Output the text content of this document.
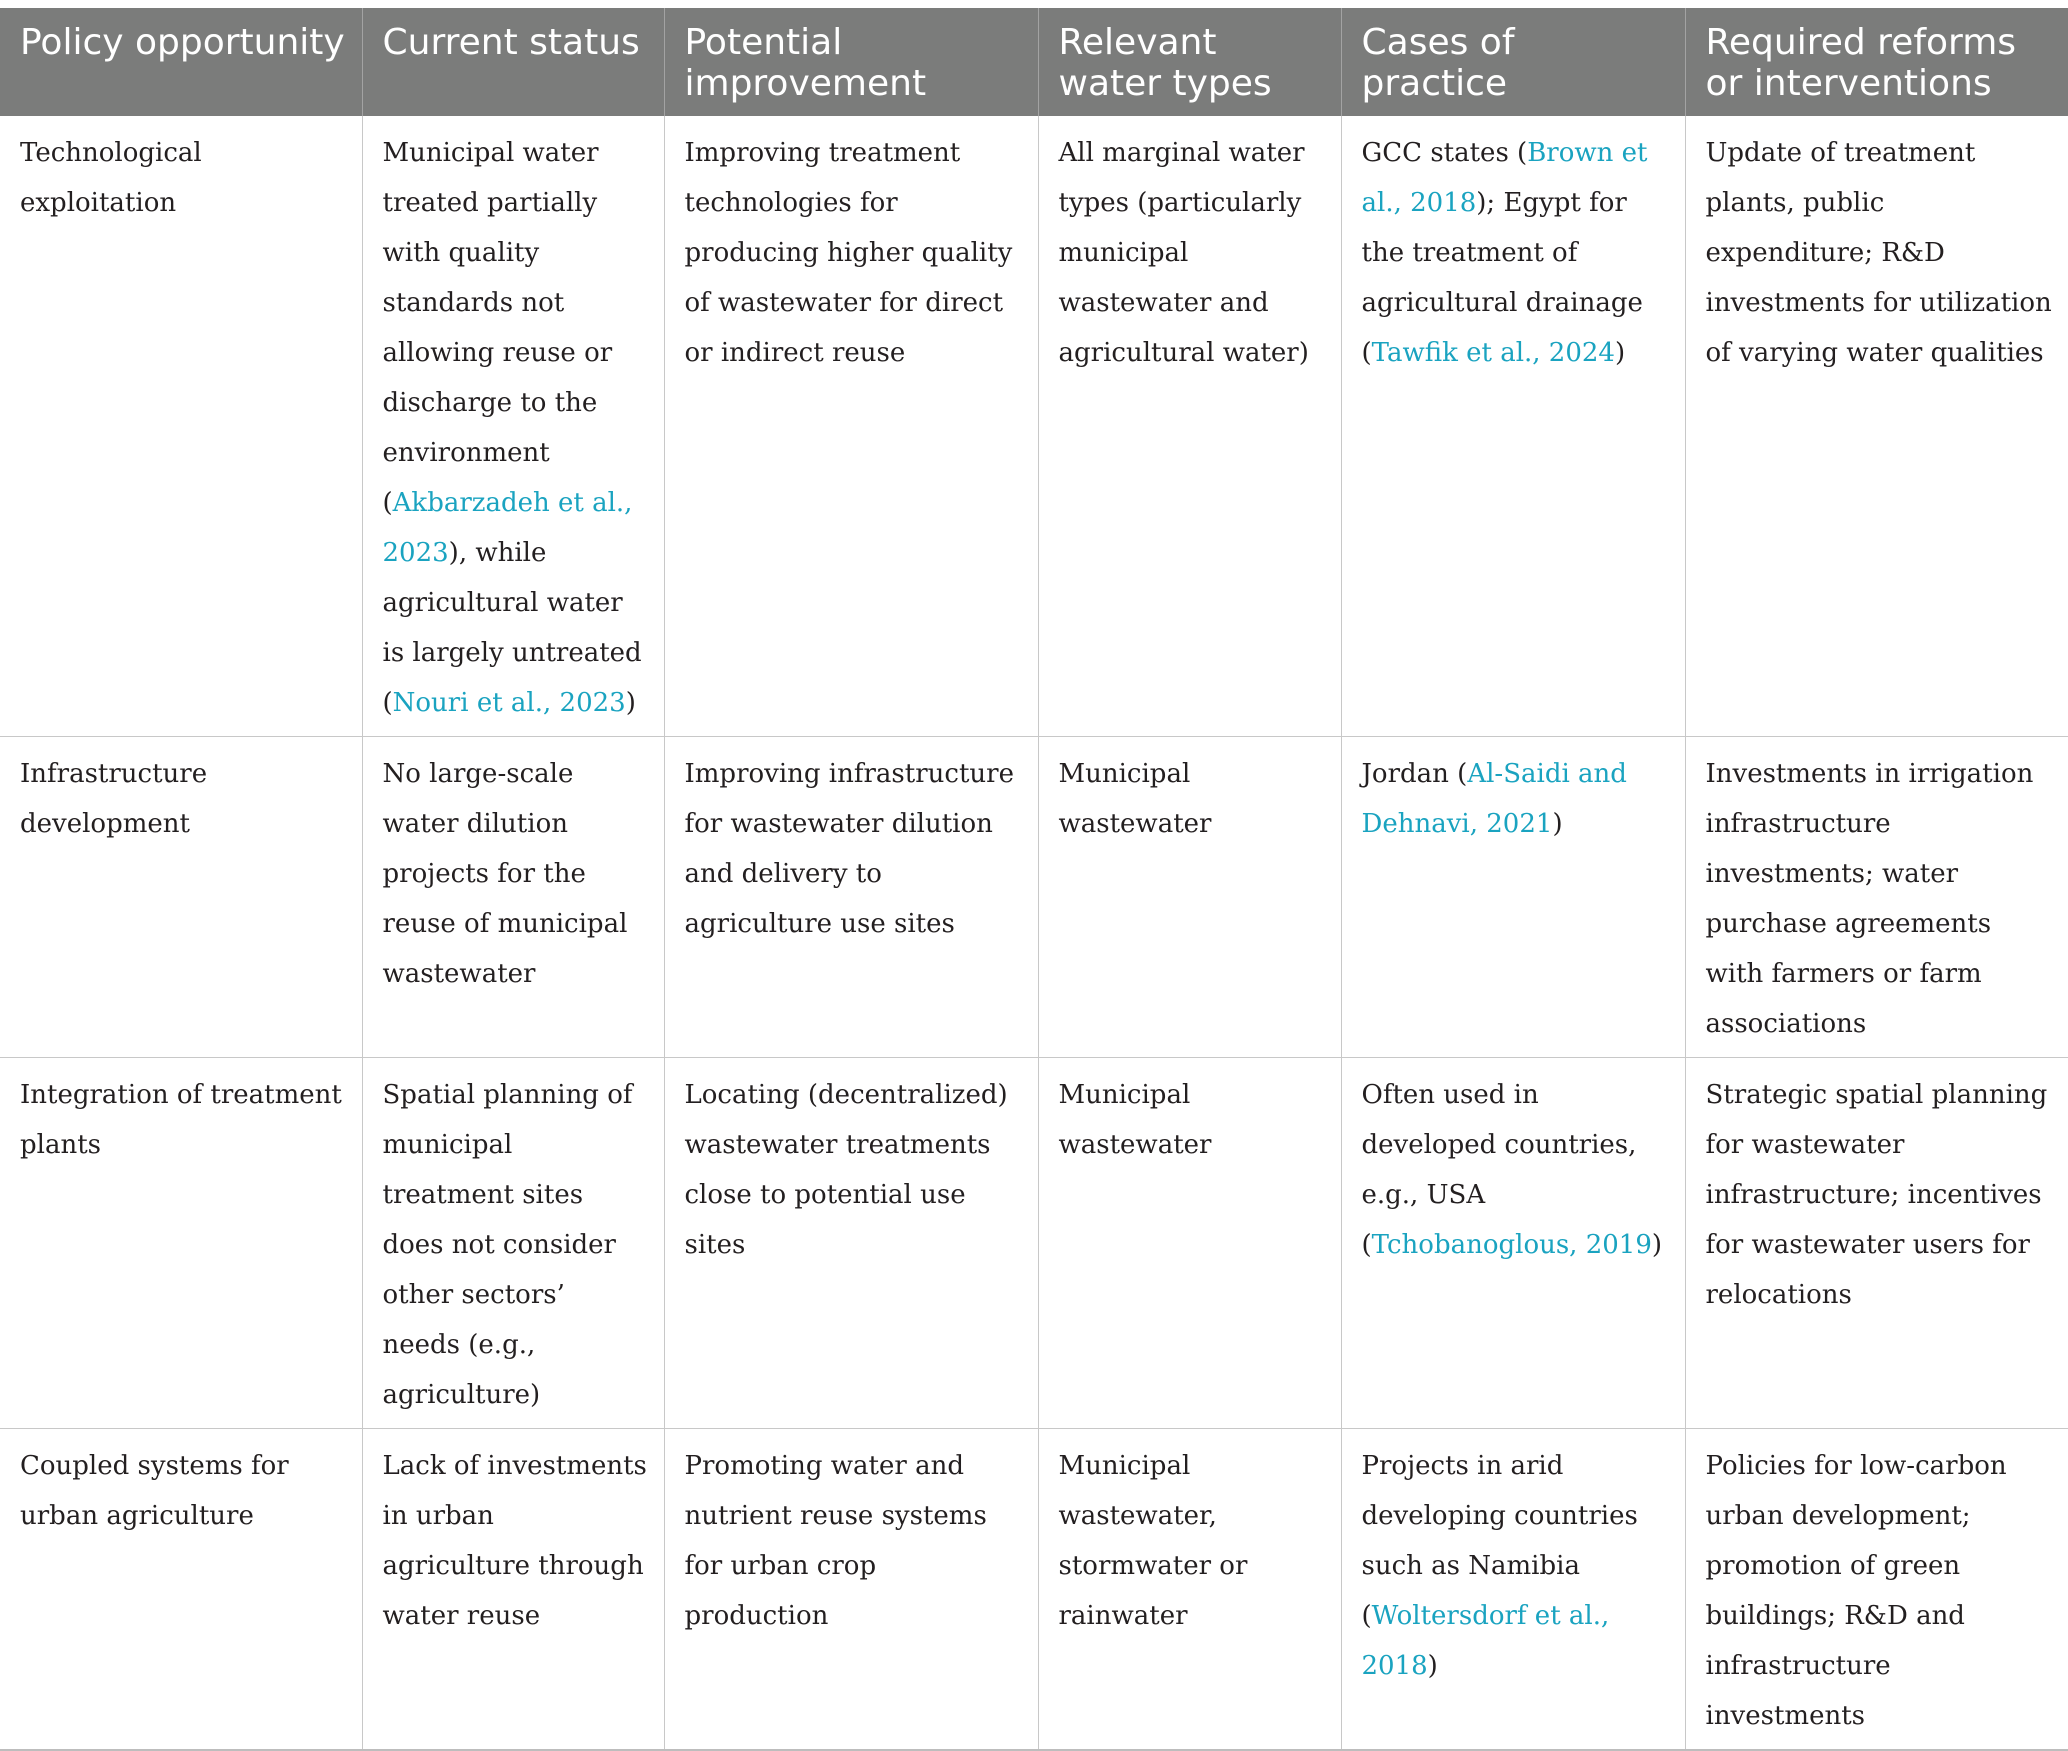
Policy opportunity	Current status	Potential improvement	Relevant water types	Cases of practice	Required reforms or interventions
Technological exploitation	Municipal water treated partially with quality standards not allowing reuse or discharge to the environment (Akbarzadeh et al., 2023), while agricultural water is largely untreated (Nouri et al., 2023)	Improving treatment technologies for producing higher quality of wastewater for direct or indirect reuse	All marginal water types (particularly municipal wastewater and agricultural water)	GCC states (Brown et al., 2018); Egypt for the treatment of agricultural drainage (Tawfik et al., 2024)	Update of treatment plants, public expenditure; R&D investments for utilization of varying water qualities
Infrastructure development	No large-scale water dilution projects for the reuse of municipal wastewater	Improving infrastructure for wastewater dilution and delivery to agriculture use sites	Municipal wastewater	Jordan (Al-Saidi and Dehnavi, 2021)	Investments in irrigation infrastructure investments; water purchase agreements with farmers or farm associations
Integration of treatment plants	Spatial planning of municipal treatment sites does not consider other sectors’ needs (e.g., agriculture)	Locating (decentralized) wastewater treatments close to potential use sites	Municipal wastewater	Often used in developed countries, e.g., USA (Tchobanoglous, 2019)	Strategic spatial planning for wastewater infrastructure; incentives for wastewater users for relocations
Coupled systems for urban agriculture	Lack of investments in urban agriculture through water reuse	Promoting water and nutrient reuse systems for urban crop production	Municipal wastewater, stormwater or rainwater	Projects in arid developing countries such as Namibia (Woltersdorf et al., 2018)	Policies for low-carbon urban development; promotion of green buildings; R&D and infrastructure investments
